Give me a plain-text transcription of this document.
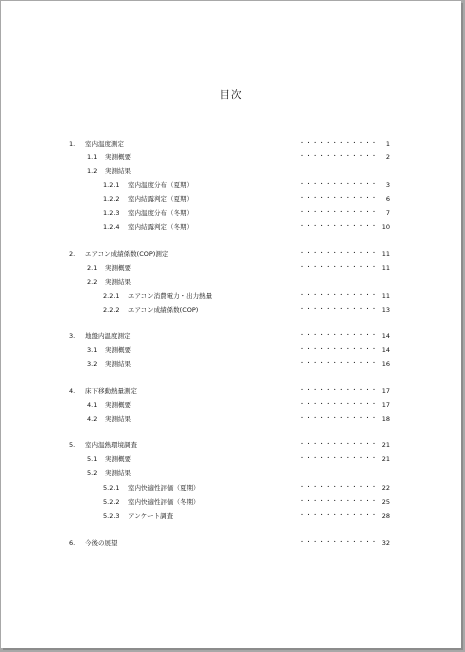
目次
1. 室内温度測定	・・・・・・・・・・・・ 1
1.1 実測概要	・・・・・・・・・・・・ 2
1.2 実測結果
1.2.1 室内温度分布（夏期）	・・・・・・・・・・・・ 3
1.2.2 室内結露判定（夏期）	・・・・・・・・・・・・ 6
1.2.3 室内温度分布（冬期）	・・・・・・・・・・・・ 7
1.2.4 室内結露判定（冬期）	・・・・・・・・・・・・ 10
2. エアコン成績係数(COP)測定	・・・・・・・・・・・・ 11
2.1 実測概要	・・・・・・・・・・・・ 11
2.2 実測結果
2.2.1 エアコン消費電力・出力熱量	・・・・・・・・・・・・ 11
2.2.2 エアコン成績係数(COP)	・・・・・・・・・・・・ 13
3. 地盤内温度測定	・・・・・・・・・・・・ 14
3.1 実測概要	・・・・・・・・・・・・ 14
3.2 実測結果	・・・・・・・・・・・・ 16
4. 床下移動熱量測定	・・・・・・・・・・・・ 17
4.1 実測概要	・・・・・・・・・・・・ 17
4.2 実測結果	・・・・・・・・・・・・ 18
5. 室内温熱環境調査	・・・・・・・・・・・・ 21
5.1 実測概要	・・・・・・・・・・・・ 21
5.2 実測結果
5.2.1 室内快適性評価（夏期）	・・・・・・・・・・・・ 22
5.2.2 室内快適性評価（冬期）	・・・・・・・・・・・・ 25
5.2.3 アンケート調査	・・・・・・・・・・・・ 28
6. 今後の展望	・・・・・・・・・・・・ 32
